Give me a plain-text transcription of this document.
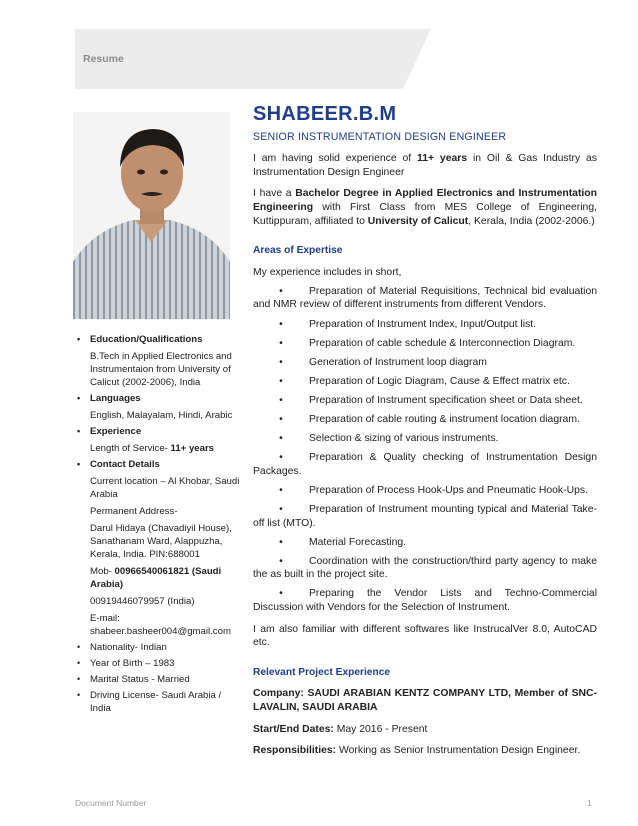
Resume
• Education/Qualifications
B.Tech in Applied Electronics and Instrumentaion from University of Calicut (2002-2006), India
• Languages
English, Malayalam, Hindi, Arabic
• Experience
Length of Service- 11+ years
• Contact Details
Current location – Al Khobar, Saudi Arabia
Permanent Address-
Darul Hidaya (Chavadiyil House), Sanathanam Ward, Alappuzha, Kerala, India. PIN:688001
Mob- 00966540061821 (Saudi Arabia)
00919446079957 (India)
E-mail:
shabeer.basheer004@gmail.com
• Nationality- Indian
• Year of Birth – 1983
• Marital Status - Married
• Driving License- Saudi Arabia / India
SHABEER.B.M
SENIOR INSTRUMENTATION DESIGN ENGINEER
I am having solid experience of 11+ years in Oil & Gas Industry as Instrumentation Design Engineer
I have a Bachelor Degree in Applied Electronics and Instrumentation Engineering with First Class from MES College of Engineering, Kuttippuram, affiliated to University of Calicut, Kerala, India (2002-2006.)
Areas of Expertise
My experience includes in short,
•	Preparation of Material Requisitions, Technical bid evaluation and NMR review of different instruments from different Vendors.
•	Preparation of Instrument Index, Input/Output list.
•	Preparation of cable schedule & Interconnection Diagram.
•	Generation of Instrument loop diagram
•	Preparation of Logic Diagram, Cause & Effect matrix etc.
•	Preparation of Instrument specification sheet or Data sheet.
•	Preparation of cable routing & instrument location diagram.
•	Selection & sizing of various instruments.
•	Preparation & Quality checking of Instrumentation Design Packages.
•	Preparation of Process Hook-Ups and Pneumatic Hook-Ups.
•	Preparation of Instrument mounting typical and Material Take-off list (MTO).
•	Material Forecasting.
•	Coordination with the construction/third party agency to make the as built in the project site.
•	Preparing the Vendor Lists and Techno-Commercial Discussion with Vendors for the Selection of Instrument.
I am also familiar with different softwares like InstrucalVer 8.0, AutoCAD etc.
Relevant Project Experience
Company: SAUDI ARABIAN KENTZ COMPANY LTD, Member of SNC-LAVALIN, SAUDI ARABIA
Start/End Dates: May 2016 - Present
Responsibilities: Working as Senior Instrumentation Design Engineer.
Document Number	1
